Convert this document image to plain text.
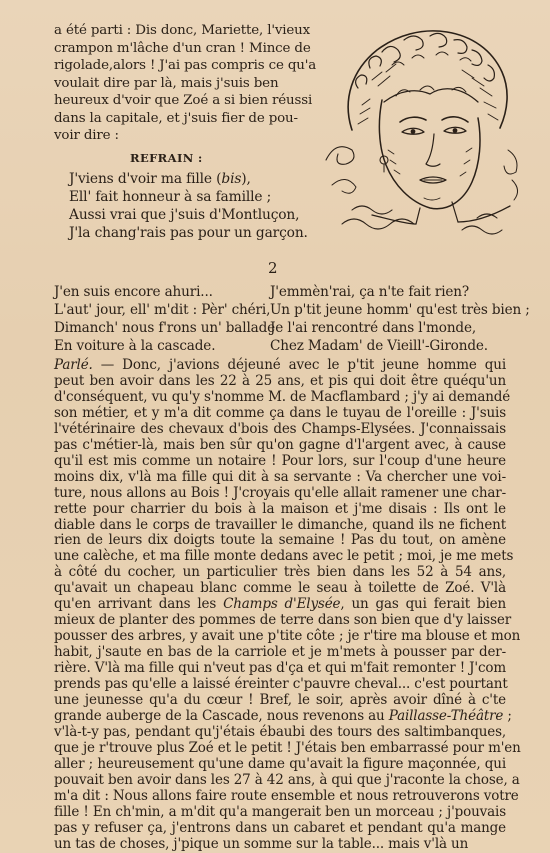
a été parti : Dis donc, Mariette, l'vieux
crampon m'lâche d'un cran ! Mince de
rigolade,alors ! J'ai pas compris ce qu'a
voulait dire par là, mais j'suis ben
heureux d'voir que Zoé a si bien réussi
dans la capitale, et j'suis fier de pou-
voir dire :
REFRAIN :
J'viens d'voir ma fille (bis),
Ell' fait honneur à sa famille ;
Aussi vrai que j'suis d'Montluçon,
J'la chang'rais pas pour un garçon.
2
J'en suis encore ahuri...
L'aut' jour, ell' m'dit : Pèr' chéri,
Dimanch' nous f'rons un' ballade
En voiture à la cascade.
J'emmèn'rai, ça n'te fait rien?
Un p'tit jeune homm' qu'est très bien ;
Je l'ai rencontré dans l'monde,
Chez Madam' de Vieill'-Gironde.
Parlé. — Donc, j'avions déjeuné avec le p'tit jeune homme qui
peut ben avoir dans les 22 à 25 ans, et pis qui doit être quéqu'un
d'conséquent, vu qu'y s'nomme M. de Macflambard ; j'y ai demandé
son métier, et y m'a dit comme ça dans le tuyau de l'oreille : J'suis
l'vétérinaire des chevaux d'bois des Champs-Elysées. J'connaissais
pas c'métier-là, mais ben sûr qu'on gagne d'l'argent avec, à cause
qu'il est mis comme un notaire ! Pour lors, sur l'coup d'une heure
moins dix, v'là ma fille qui dit à sa servante : Va chercher une voi-
ture, nous allons au Bois ! J'croyais qu'elle allait ramener une char-
rette pour charrier du bois à la maison et j'me disais : Ils ont le
diable dans le corps de travailler le dimanche, quand ils ne fichent
rien de leurs dix doigts toute la semaine ! Pas du tout, on amène
une calèche, et ma fille monte dedans avec le petit ; moi, je me mets
à côté du cocher, un particulier très bien dans les 52 à 54 ans,
qu'avait un chapeau blanc comme le seau à toilette de Zoé. V'là
qu'en arrivant dans les Champs d'Elysée, un gas qui ferait bien
mieux de planter des pommes de terre dans son bien que d'y laisser
pousser des arbres, y avait une p'tite côte ; je r'tire ma blouse et mon
habit, j'saute en bas de la carriole et je m'mets à pousser par der-
rière. V'là ma fille qui n'veut pas d'ça et qui m'fait remonter ! J'com
prends pas qu'elle a laissé éreinter c'pauvre cheval... c'est pourtant
une jeunesse qu'a du cœur ! Bref, le soir, après avoir dîné à c'te
grande auberge de la Cascade, nous revenons au Paillasse-Théâtre ;
v'là-t-y pas, pendant qu'j'étais ébaubi des tours des saltimbanques,
que je r'trouve plus Zoé et le petit ! J'étais ben embarrassé pour m'en
aller ; heureusement qu'une dame qu'avait la figure maçonnée, qui
pouvait ben avoir dans les 27 à 42 ans, à qui que j'raconte la chose, a
m'a dit : Nous allons faire route ensemble et nous retrouverons votre
fille ! En ch'min, a m'dit qu'a mangerait ben un morceau ; j'pouvais
pas y refuser ça, j'entrons dans un cabaret et pendant qu'a mange
un tas de choses, j'pique un somme sur la table... mais v'là un
